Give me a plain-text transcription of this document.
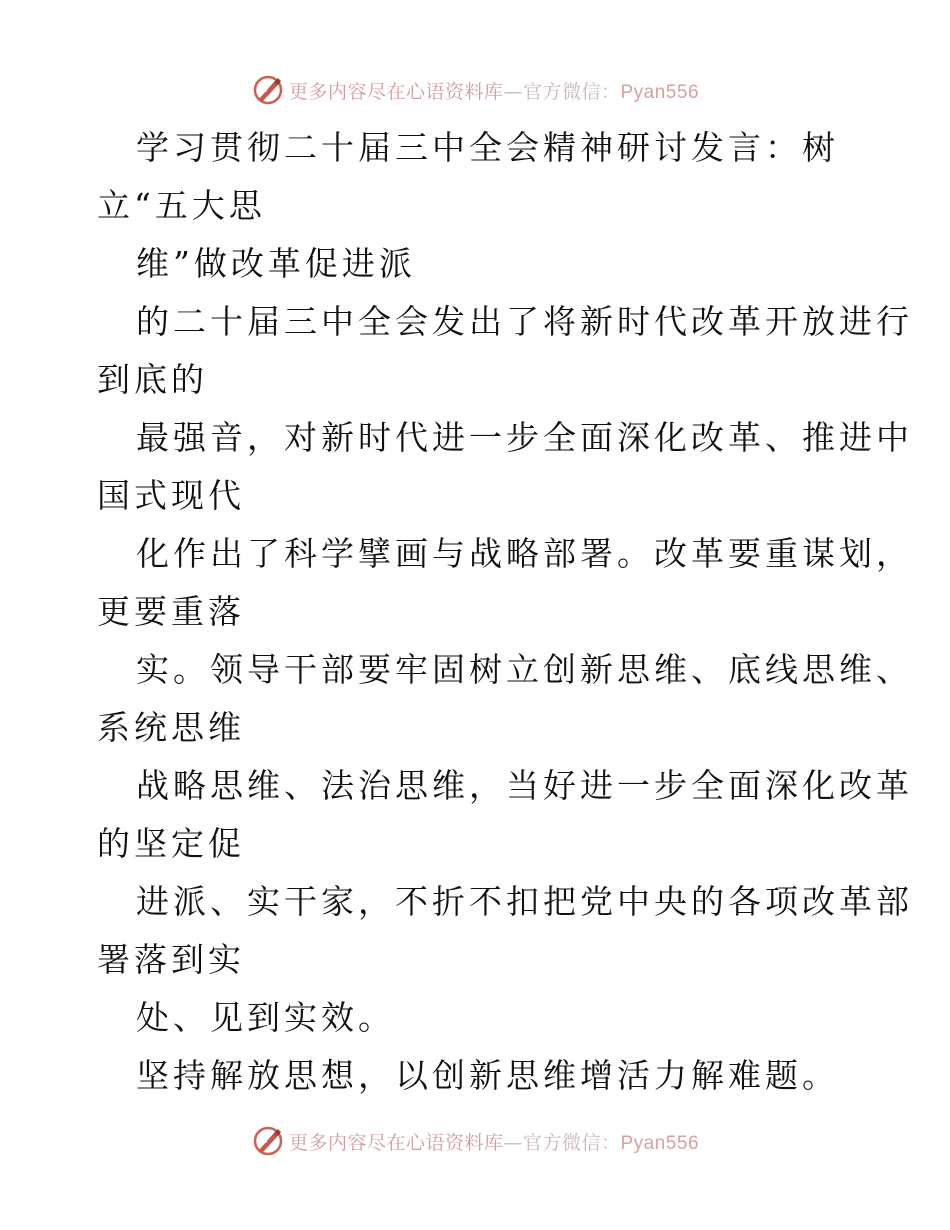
更多内容尽在心语资料库—官方微信：Pyan556

学习贯彻二十届三中全会精神研讨发言：树

立“五大思

维”做改革促进派

的二十届三中全会发出了将新时代改革开放进行

到底的

最强音，对新时代进一步全面深化改革、推进中

国式现代

化作出了科学擘画与战略部署。改革要重谋划，

更要重落

实。领导干部要牢固树立创新思维、底线思维、

系统思维

战略思维、法治思维，当好进一步全面深化改革

的坚定促

进派、实干家，不折不扣把党中央的各项改革部

署落到实

处、见到实效。

坚持解放思想，以创新思维增活力解难题。

更多内容尽在心语资料库—官方微信：Pyan556
